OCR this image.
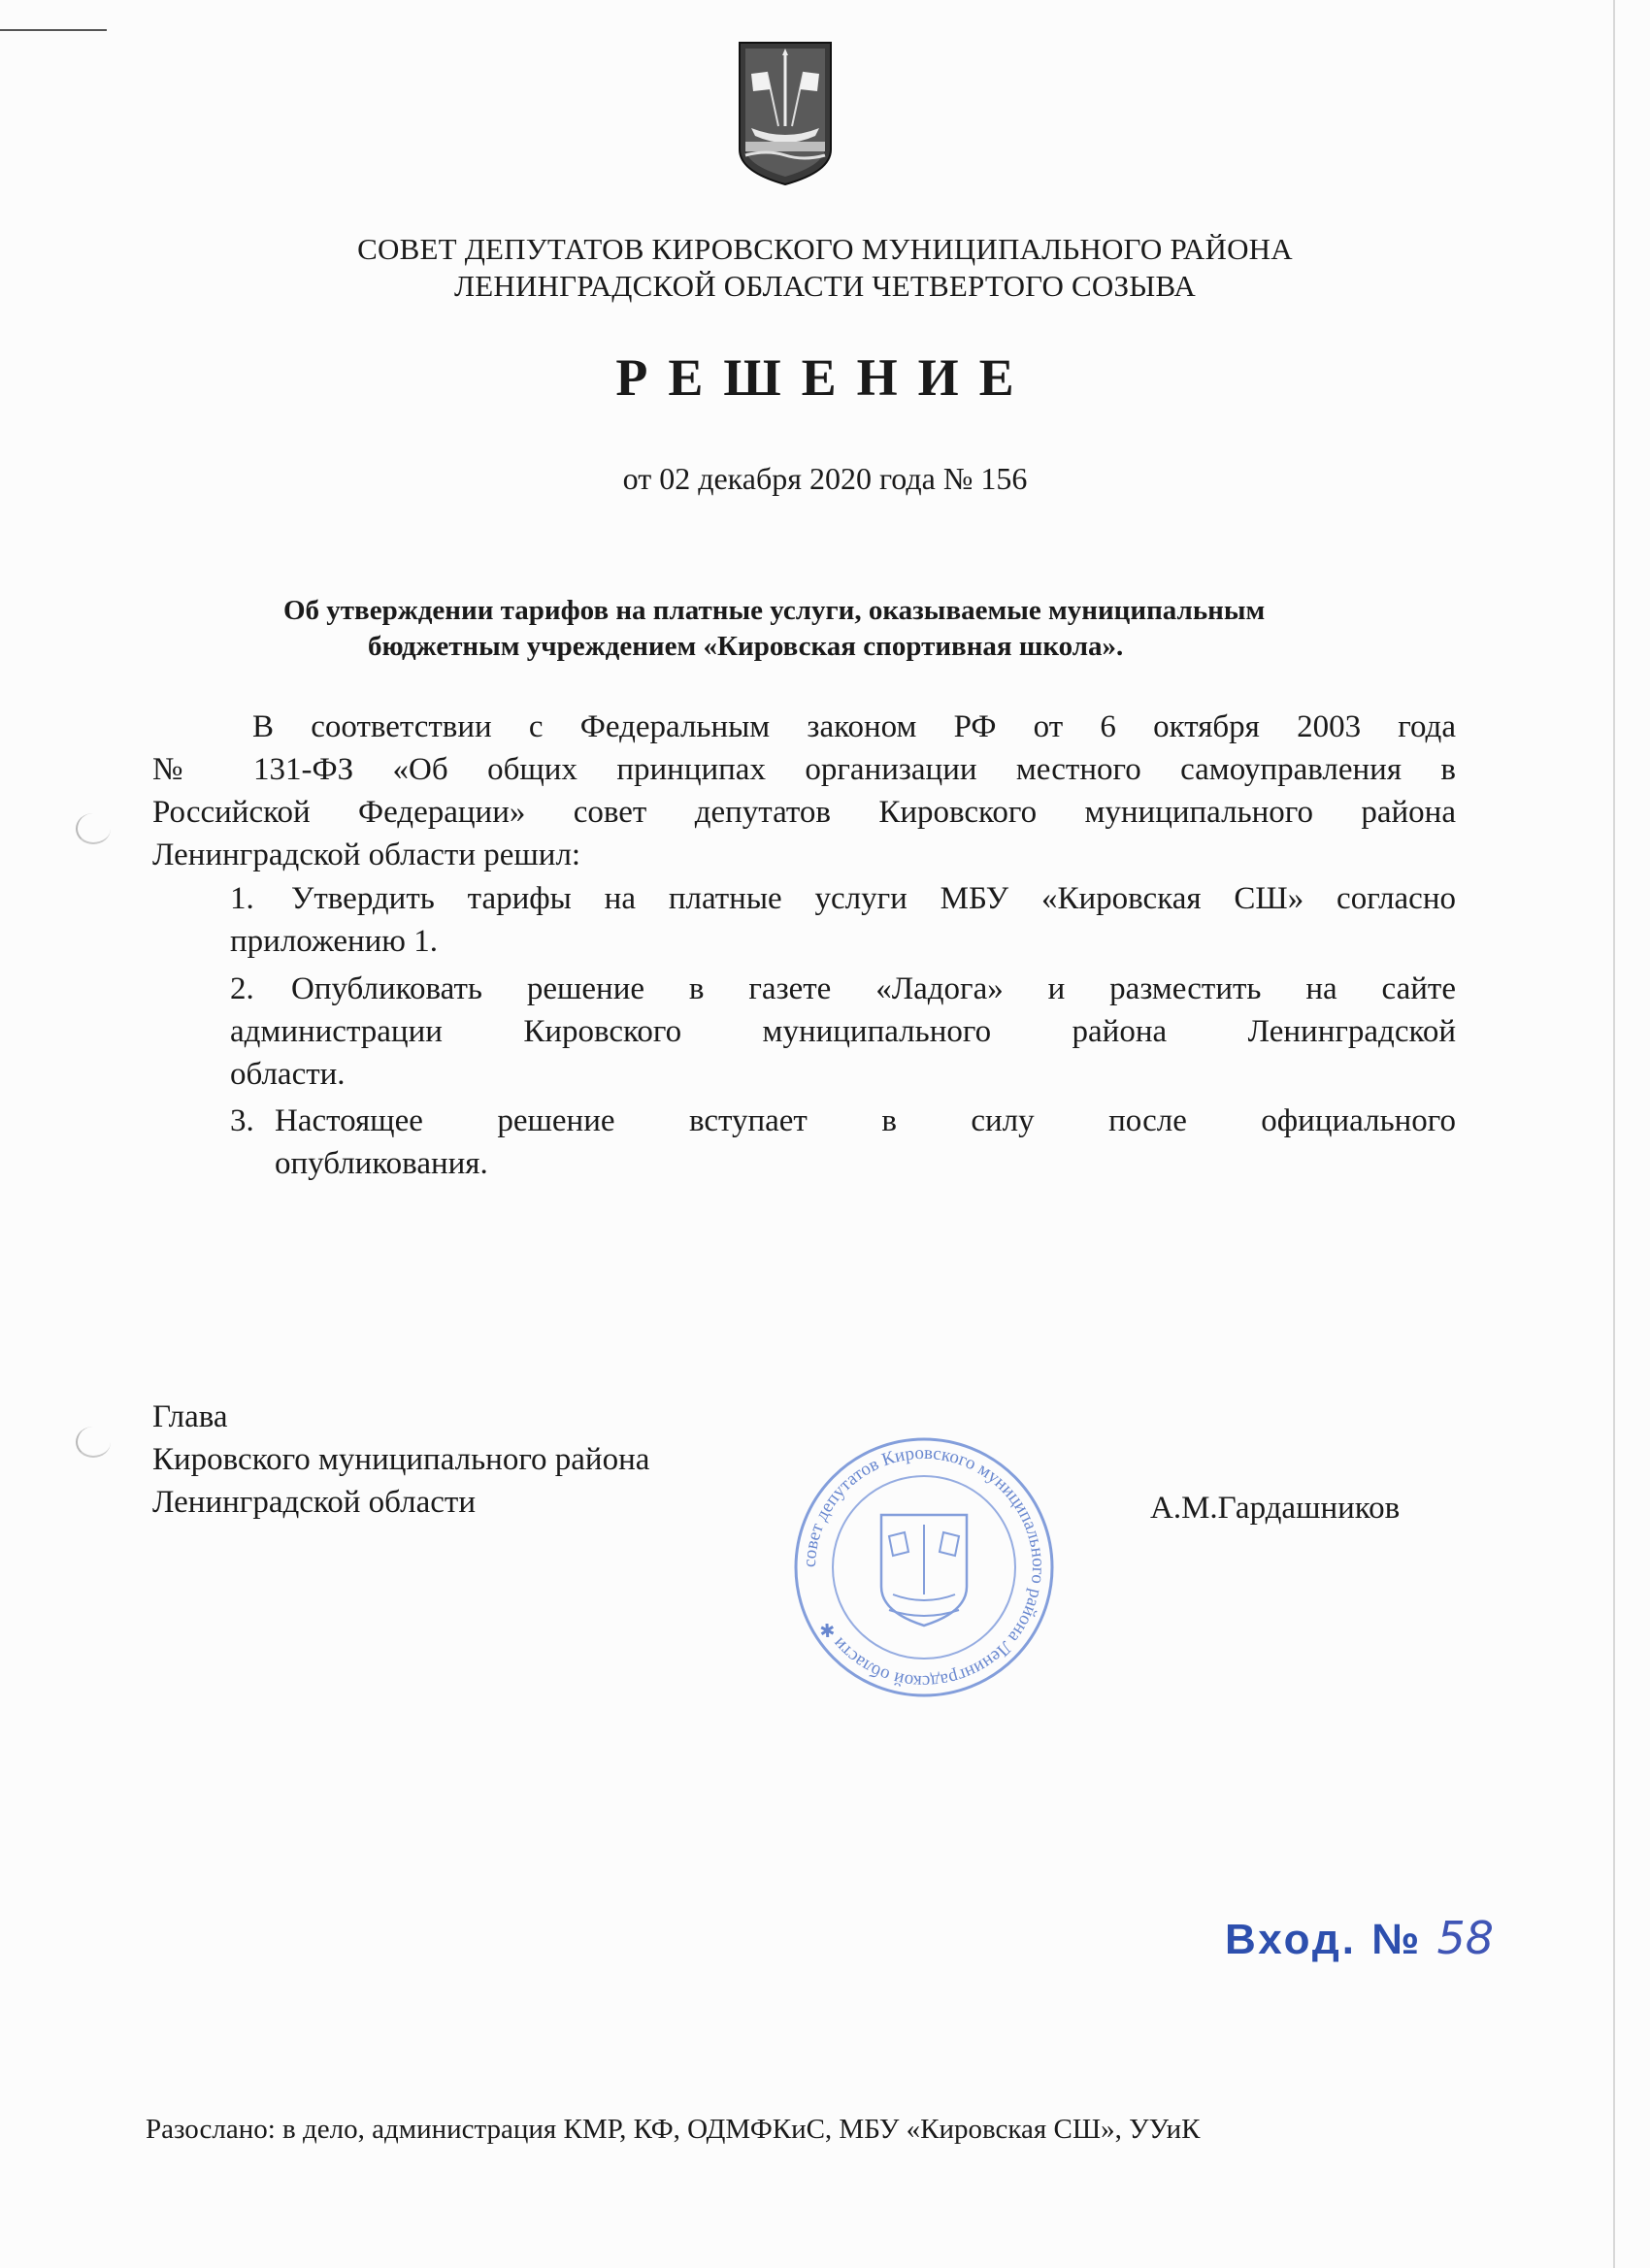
СОВЕТ ДЕПУТАТОВ КИРОВСКОГО МУНИЦИПАЛЬНОГО РАЙОНА
ЛЕНИНГРАДСКОЙ ОБЛАСТИ ЧЕТВЕРТОГО СОЗЫВА
РЕШЕНИЕ
от 02 декабря 2020 года № 156
Об утверждении тарифов на платные услуги, оказываемые муниципальным
бюджетным учреждением «Кировская спортивная школа».
В соответствии с Федеральным законом РФ от 6 октября 2003 года
№ 131-ФЗ «Об общих принципах организации местного самоуправления в
Российской Федерации» совет депутатов Кировского муниципального района
Ленинградской области решил:
1. Утвердить тарифы на платные услуги МБУ «Кировская СШ» согласно
приложению 1.
2. Опубликовать решение в газете «Ладога» и разместить на сайте
администрации Кировского муниципального района Ленинградской
области.
3. Настоящее решение вступает в силу после официального
опубликования.
Глава
Кировского муниципального района
Ленинградской области	А.М.Гардашников
совет депутатов Кировского муниципального района Ленинградской области ✱
Вход. № 58
Разослано: в дело, администрация КМР, КФ, ОДМФКиС, МБУ «Кировская СШ», УУиК
